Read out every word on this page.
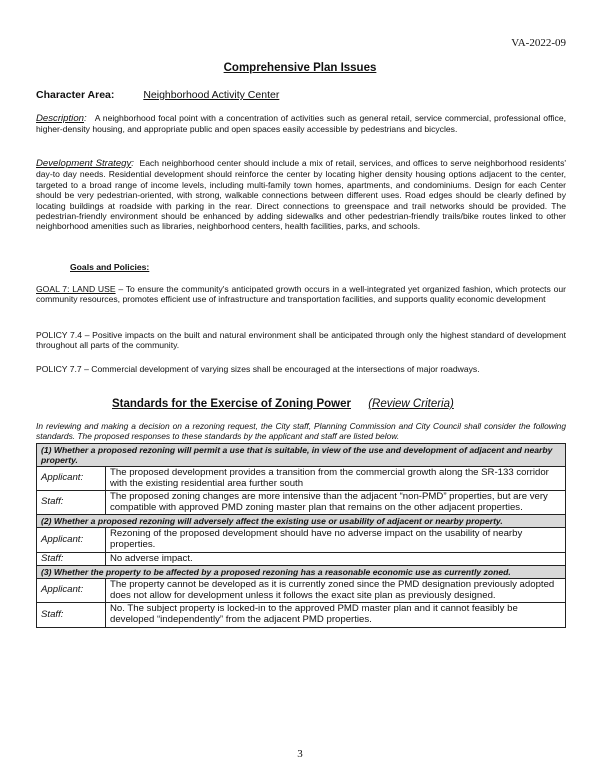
VA-2022-09
Comprehensive Plan Issues
Character Area:	Neighborhood Activity Center
Description: A neighborhood focal point with a concentration of activities such as general retail, service commercial, professional office, higher-density housing, and appropriate public and open spaces easily accessible by pedestrians and bicycles.
Development Strategy: Each neighborhood center should include a mix of retail, services, and offices to serve neighborhood residents' day-to day needs. Residential development should reinforce the center by locating higher density housing options adjacent to the center, targeted to a broad range of income levels, including multi-family town homes, apartments, and condominiums. Design for each Center should be very pedestrian-oriented, with strong, walkable connections between different uses. Road edges should be clearly defined by locating buildings at roadside with parking in the rear. Direct connections to greenspace and trail networks should be provided. The pedestrian-friendly environment should be enhanced by adding sidewalks and other pedestrian-friendly trails/bike routes linked to other neighborhood amenities such as libraries, neighborhood centers, health facilities, parks, and schools.
Goals and Policies:
GOAL 7: LAND USE – To ensure the community's anticipated growth occurs in a well-integrated yet organized fashion, which protects our community resources, promotes efficient use of infrastructure and transportation facilities, and supports quality economic development
POLICY 7.4 – Positive impacts on the built and natural environment shall be anticipated through only the highest standard of development throughout all parts of the community.
POLICY 7.7 – Commercial development of varying sizes shall be encouraged at the intersections of major roadways.
Standards for the Exercise of Zoning Power (Review Criteria)
In reviewing and making a decision on a rezoning request, the City staff, Planning Commission and City Council shall consider the following standards. The proposed responses to these standards by the applicant and staff are listed below.
(1) Whether a proposed rezoning will permit a use that is suitable, in view of the use and development of adjacent and nearby property.	
Applicant:	The proposed development provides a transition from the commercial growth along the SR-133 corridor with the existing residential area further south
Staff:	The proposed zoning changes are more intensive than the adjacent “non-PMD” properties, but are very compatible with approved PMD zoning master plan that remains on the other adjacent properties.
(2) Whether a proposed rezoning will adversely affect the existing use or usability of adjacent or nearby property.	
Applicant:	Rezoning of the proposed development should have no adverse impact on the usability of nearby properties.
Staff:	No adverse impact.
(3) Whether the property to be affected by a proposed rezoning has a reasonable economic use as currently zoned.	
Applicant:	The property cannot be developed as it is currently zoned since the PMD designation previously adopted does not allow for development unless it follows the exact site plan as previously designed.
Staff:	No. The subject property is locked-in to the approved PMD master plan and it cannot feasibly be developed “independently” from the adjacent PMD properties.
3
